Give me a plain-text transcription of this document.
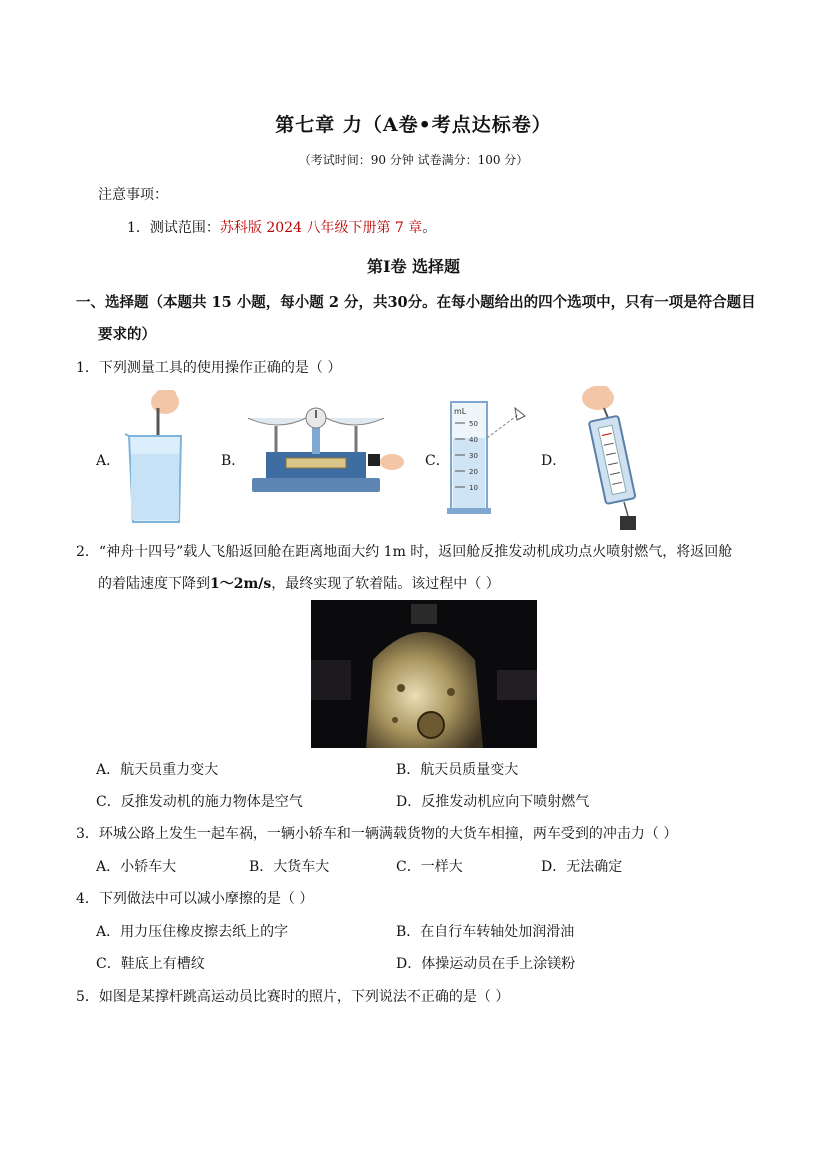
第七章 力（A卷•考点达标卷）
（考试时间：90 分钟 试卷满分：100 分）
注意事项：
1．测试范围：苏科版 2024 八年级下册第 7 章。
第Ⅰ卷 选择题
一、选择题（本题共 15 小题，每小题 2 分，共30分。在每小题给出的四个选项中，只有一项是符合题目
要求的）
1．下列测量工具的使用操作正确的是（ ）
A．	B．	C．	D．
mL
50
40
30
20
10
2．“神舟十四号”载人飞船返回舱在距离地面大约 1m 时，返回舱反推发动机成功点火喷射燃气，将返回舱
的着陆速度下降到1～2m/s，最终实现了软着陆。该过程中（ ）
A．航天员重力变大	B．航天员质量变大
C．反推发动机的施力物体是空气	D．反推发动机应向下喷射燃气
3．环城公路上发生一起车祸，一辆小轿车和一辆满载货物的大货车相撞，两车受到的冲击力（ ）
A．小轿车大	B．大货车大	C．一样大	D．无法确定
4．下列做法中可以减小摩擦的是（ ）
A．用力压住橡皮擦去纸上的字	B．在自行车转轴处加润滑油
C．鞋底上有槽纹	D．体操运动员在手上涂镁粉
5．如图是某撑杆跳高运动员比赛时的照片，下列说法不正确的是（ ）
